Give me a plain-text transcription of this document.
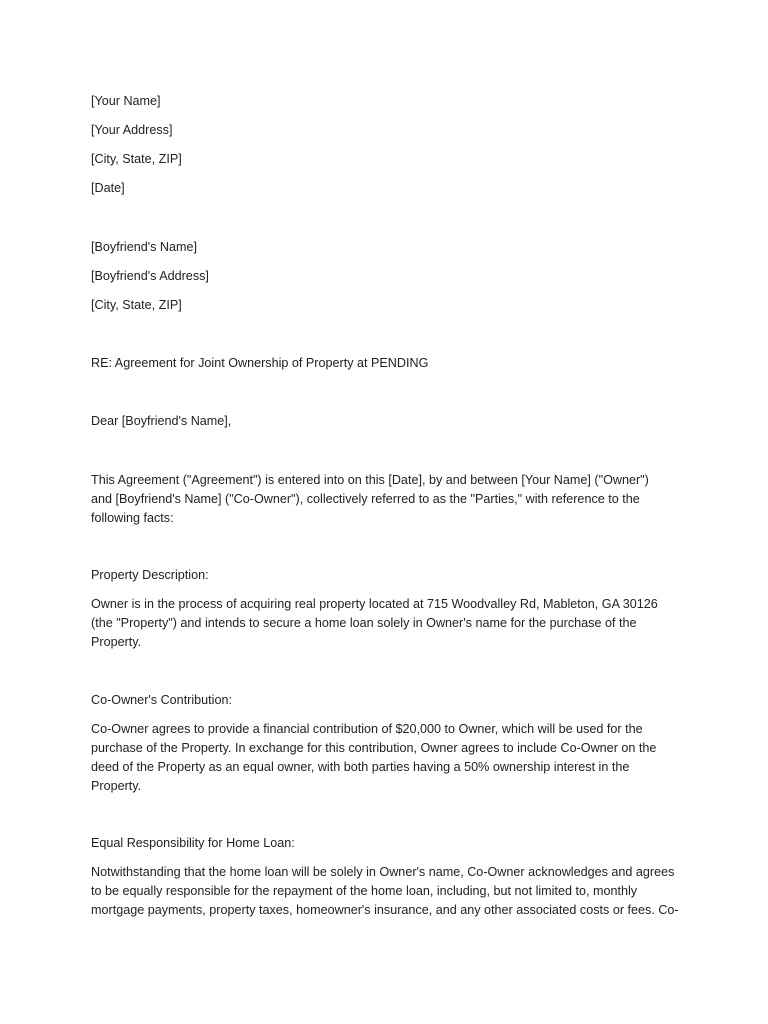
[Your Name]
[Your Address]
[City, State, ZIP]
[Date]
[Boyfriend's Name]
[Boyfriend's Address]
[City, State, ZIP]
RE: Agreement for Joint Ownership of Property at PENDING
Dear [Boyfriend's Name],
This Agreement ("Agreement") is entered into on this [Date], by and between [Your Name] ("Owner")
and [Boyfriend's Name] ("Co-Owner"), collectively referred to as the "Parties," with reference to the
following facts:
Property Description:
Owner is in the process of acquiring real property located at 715 Woodvalley Rd, Mableton, GA 30126
(the "Property") and intends to secure a home loan solely in Owner's name for the purchase of the
Property.
Co-Owner's Contribution:
Co-Owner agrees to provide a financial contribution of $20,000 to Owner, which will be used for the
purchase of the Property. In exchange for this contribution, Owner agrees to include Co-Owner on the
deed of the Property as an equal owner, with both parties having a 50% ownership interest in the
Property.
Equal Responsibility for Home Loan:
Notwithstanding that the home loan will be solely in Owner's name, Co-Owner acknowledges and agrees
to be equally responsible for the repayment of the home loan, including, but not limited to, monthly
mortgage payments, property taxes, homeowner's insurance, and any other associated costs or fees. Co-
